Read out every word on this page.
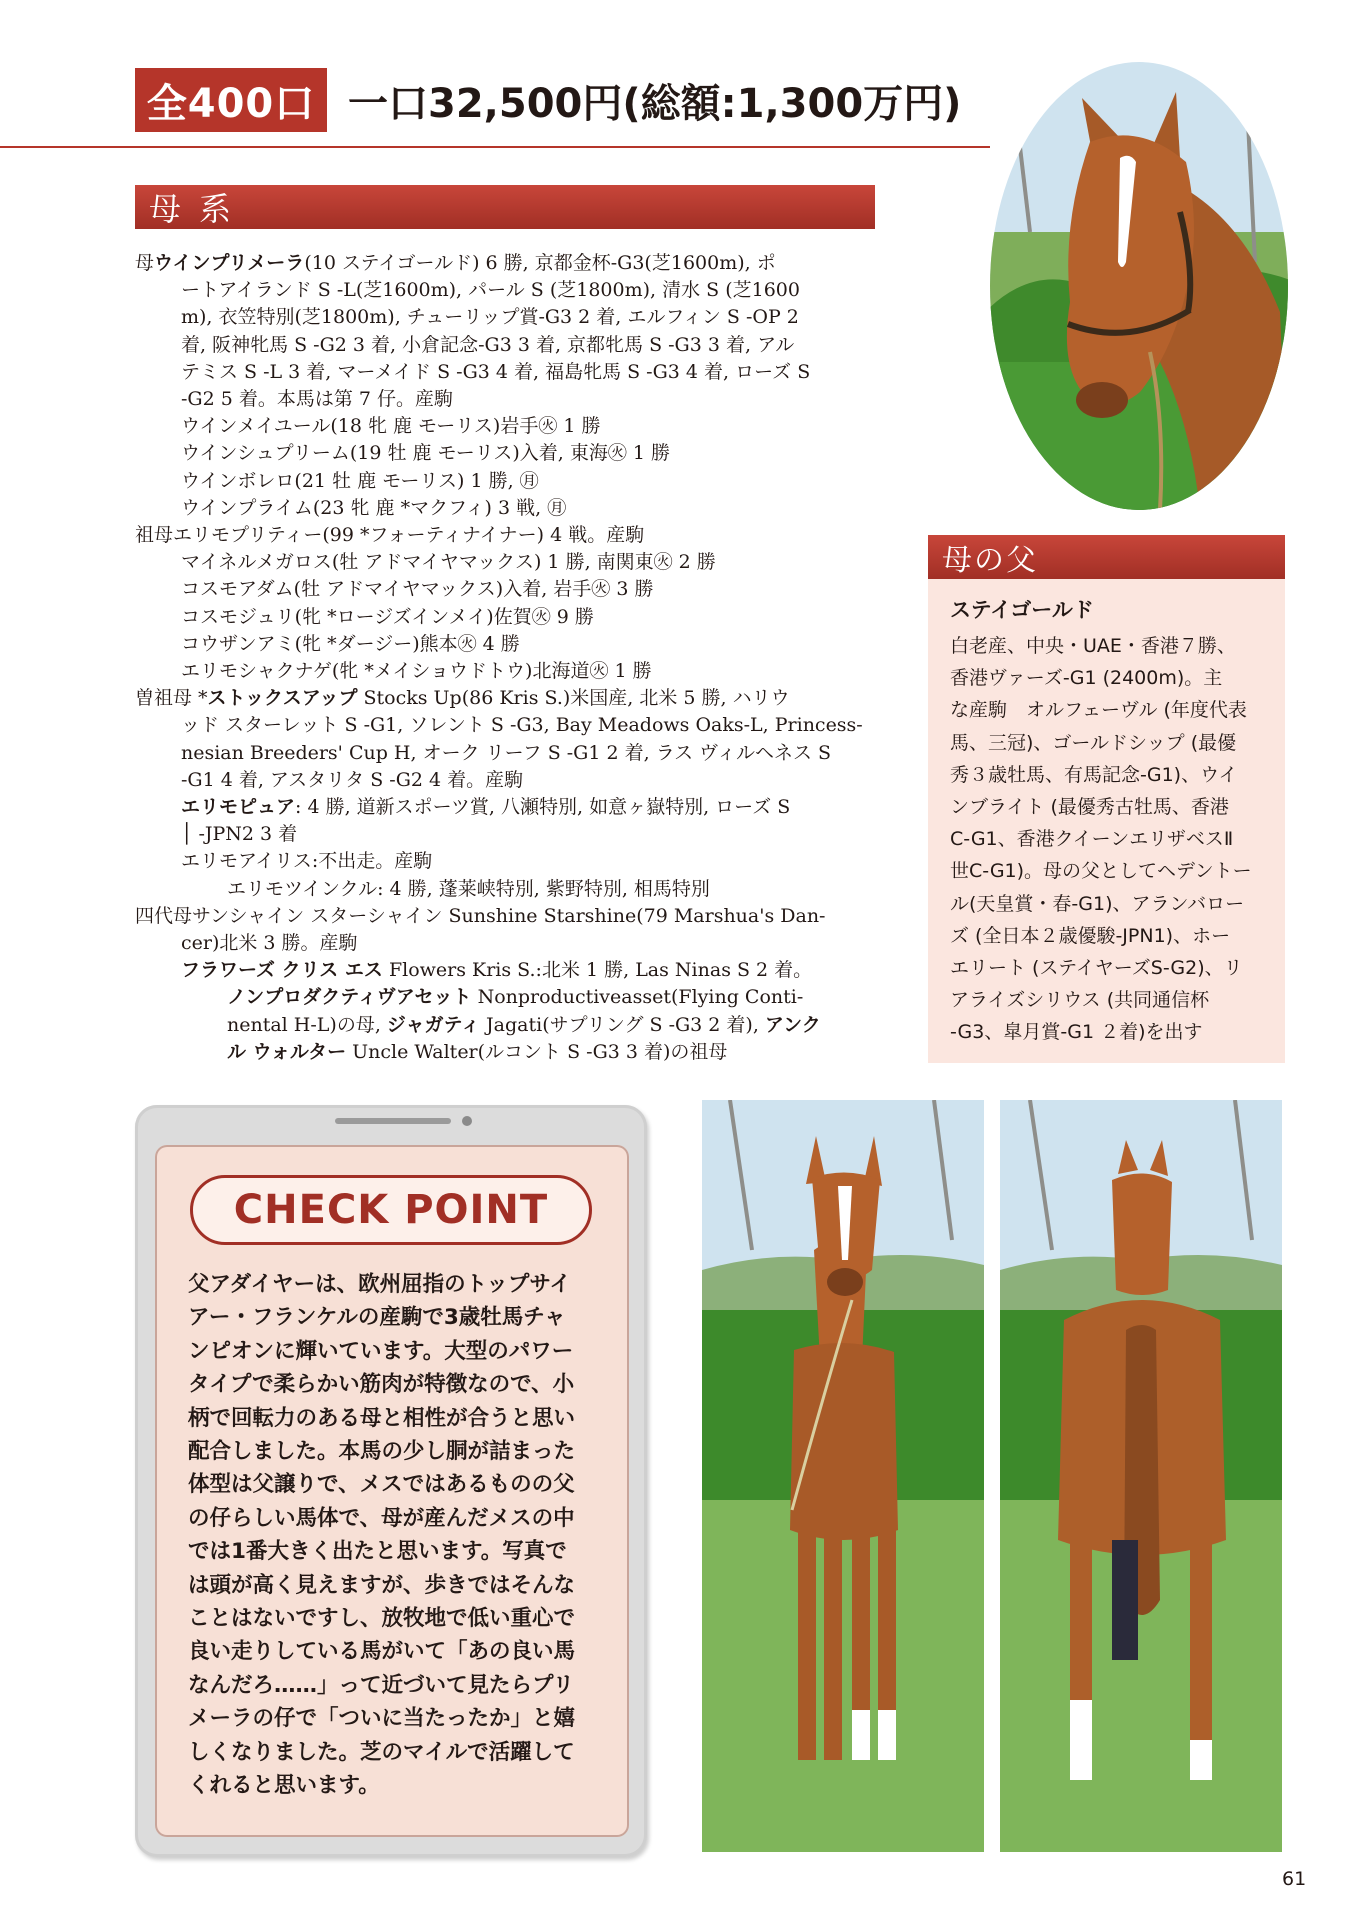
全400口 一口32,500円(総額:1,300万円)
母系
母ウインプリメーラ(10 ステイゴールド) 6 勝, 京都金杯-G3(芝1600m), ポ
ートアイランド S -L(芝1600m), パール S (芝1800m), 清水 S (芝1600
m), 衣笠特別(芝1800m), チューリップ賞-G3 2 着, エルフィン S -OP 2
着, 阪神牝馬 S -G2 3 着, 小倉記念-G3 3 着, 京都牝馬 S -G3 3 着, アル
テミス S -L 3 着, マーメイド S -G3 4 着, 福島牝馬 S -G3 4 着, ローズ S
-G2 5 着。本馬は第 7 仔。産駒
ウインメイユール(18 牝 鹿 モーリス)岩手㊋ 1 勝
ウインシュプリーム(19 牡 鹿 モーリス)入着, 東海㊋ 1 勝
ウインボレロ(21 牡 鹿 モーリス) 1 勝, ㊊
ウインプライム(23 牝 鹿 *マクフィ) 3 戦, ㊊
祖母エリモプリティー(99 *フォーティナイナー) 4 戦。産駒
マイネルメガロス(牡 アドマイヤマックス) 1 勝, 南関東㊋ 2 勝
コスモアダム(牡 アドマイヤマックス)入着, 岩手㊋ 3 勝
コスモジュリ(牝 *ロージズインメイ)佐賀㊋ 9 勝
コウザンアミ(牝 *ダージー)熊本㊋ 4 勝
エリモシャクナゲ(牝 *メイショウドトウ)北海道㊋ 1 勝
曽祖母 *ストックスアップ Stocks Up(86 Kris S.)米国産, 北米 5 勝, ハリウ
ッド スターレット S -G1, ソレント S -G3, Bay Meadows Oaks-L, Princess-
nesian Breeders' Cup H, オーク リーフ S -G1 2 着, ラス ヴィルヘネス S
-G1 4 着, アスタリタ S -G2 4 着。産駒
エリモピュア: 4 勝, 道新スポーツ賞, 八瀬特別, 如意ヶ嶽特別, ローズ S
│ -JPN2 3 着
エリモアイリス:不出走。産駒
エリモツインクル: 4 勝, 蓬莱峡特別, 紫野特別, 相馬特別
四代母サンシャイン スターシャイン Sunshine Starshine(79 Marshua's Dan-
cer)北米 3 勝。産駒
フラワーズ クリス エス Flowers Kris S.:北米 1 勝, Las Ninas S 2 着。
ノンプロダクティヴアセット Nonproductiveasset(Flying Conti-
nental H-L)の母, ジャガティ Jagati(サプリング S -G3 2 着), アンク
ル ウォルター Uncle Walter(ルコント S -G3 3 着)の祖母
母の父
ステイゴールド
白老産、中央・UAE・香港７勝、
香港ヴァーズ-G1 (2400m)。主
な産駒　オルフェーヴル (年度代表
馬、三冠)、ゴールドシップ (最優
秀３歳牡馬、有馬記念-G1)、ウイ
ンブライト (最優秀古牡馬、香港
C-G1、香港クイーンエリザベスⅡ
世C-G1)。母の父としてヘデントー
ル(天皇賞・春-G1)、アランバロー
ズ (全日本２歳優駿-JPN1)、ホー
エリート (ステイヤーズS-G2)、リ
アライズシリウス (共同通信杯
-G3、皐月賞-G1 ２着)を出す
CHECK POINT
父アダイヤーは、欧州屈指のトップサイ
アー・フランケルの産駒で3歳牡馬チャ
ンピオンに輝いています。大型のパワー
タイプで柔らかい筋肉が特徴なので、小
柄で回転力のある母と相性が合うと思い
配合しました。本馬の少し胴が詰まった
体型は父譲りで、メスではあるものの父
の仔らしい馬体で、母が産んだメスの中
では1番大きく出たと思います。写真で
は頭が高く見えますが、歩きではそんな
ことはないですし、放牧地で低い重心で
良い走りしている馬がいて「あの良い馬
なんだろ……」って近づいて見たらプリ
メーラの仔で「ついに当たったか」と嬉
しくなりました。芝のマイルで活躍して
くれると思います。
61
